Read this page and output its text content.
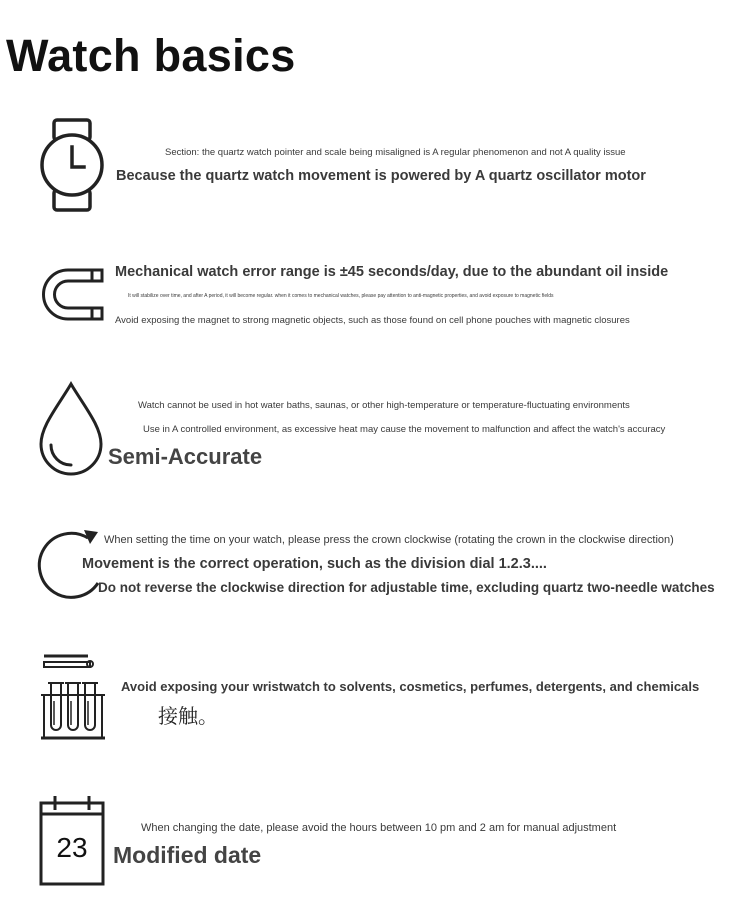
Watch basics
Section: the quartz watch pointer and scale being misaligned is A regular phenomenon and not A quality issue
Because the quartz watch movement is powered by A quartz oscillator motor
Mechanical watch error range is ±45 seconds/day, due to the abundant oil inside
It will stabilize over time, and after A period, it will become regular. when it comes to mechanical watches, please pay attention to anti-magnetic properties, and avoid exposure to magnetic fields
Avoid exposing the magnet to strong magnetic objects, such as those found on cell phone pouches with magnetic closures
Watch cannot be used in hot water baths, saunas, or other high-temperature or temperature-fluctuating environments
Use in A controlled environment, as excessive heat may cause the movement to malfunction and affect the watch's accuracy
Semi-Accurate
When setting the time on your watch, please press the crown clockwise (rotating the crown in the clockwise direction)
Movement is the correct operation, such as the division dial 1.2.3....
Do not reverse the clockwise direction for adjustable time, excluding quartz two-needle watches
Avoid exposing your wristwatch to solvents, cosmetics, perfumes, detergents, and chemicals
接触。
23
When changing the date, please avoid the hours between 10 pm and 2 am for manual adjustment
Modified date
